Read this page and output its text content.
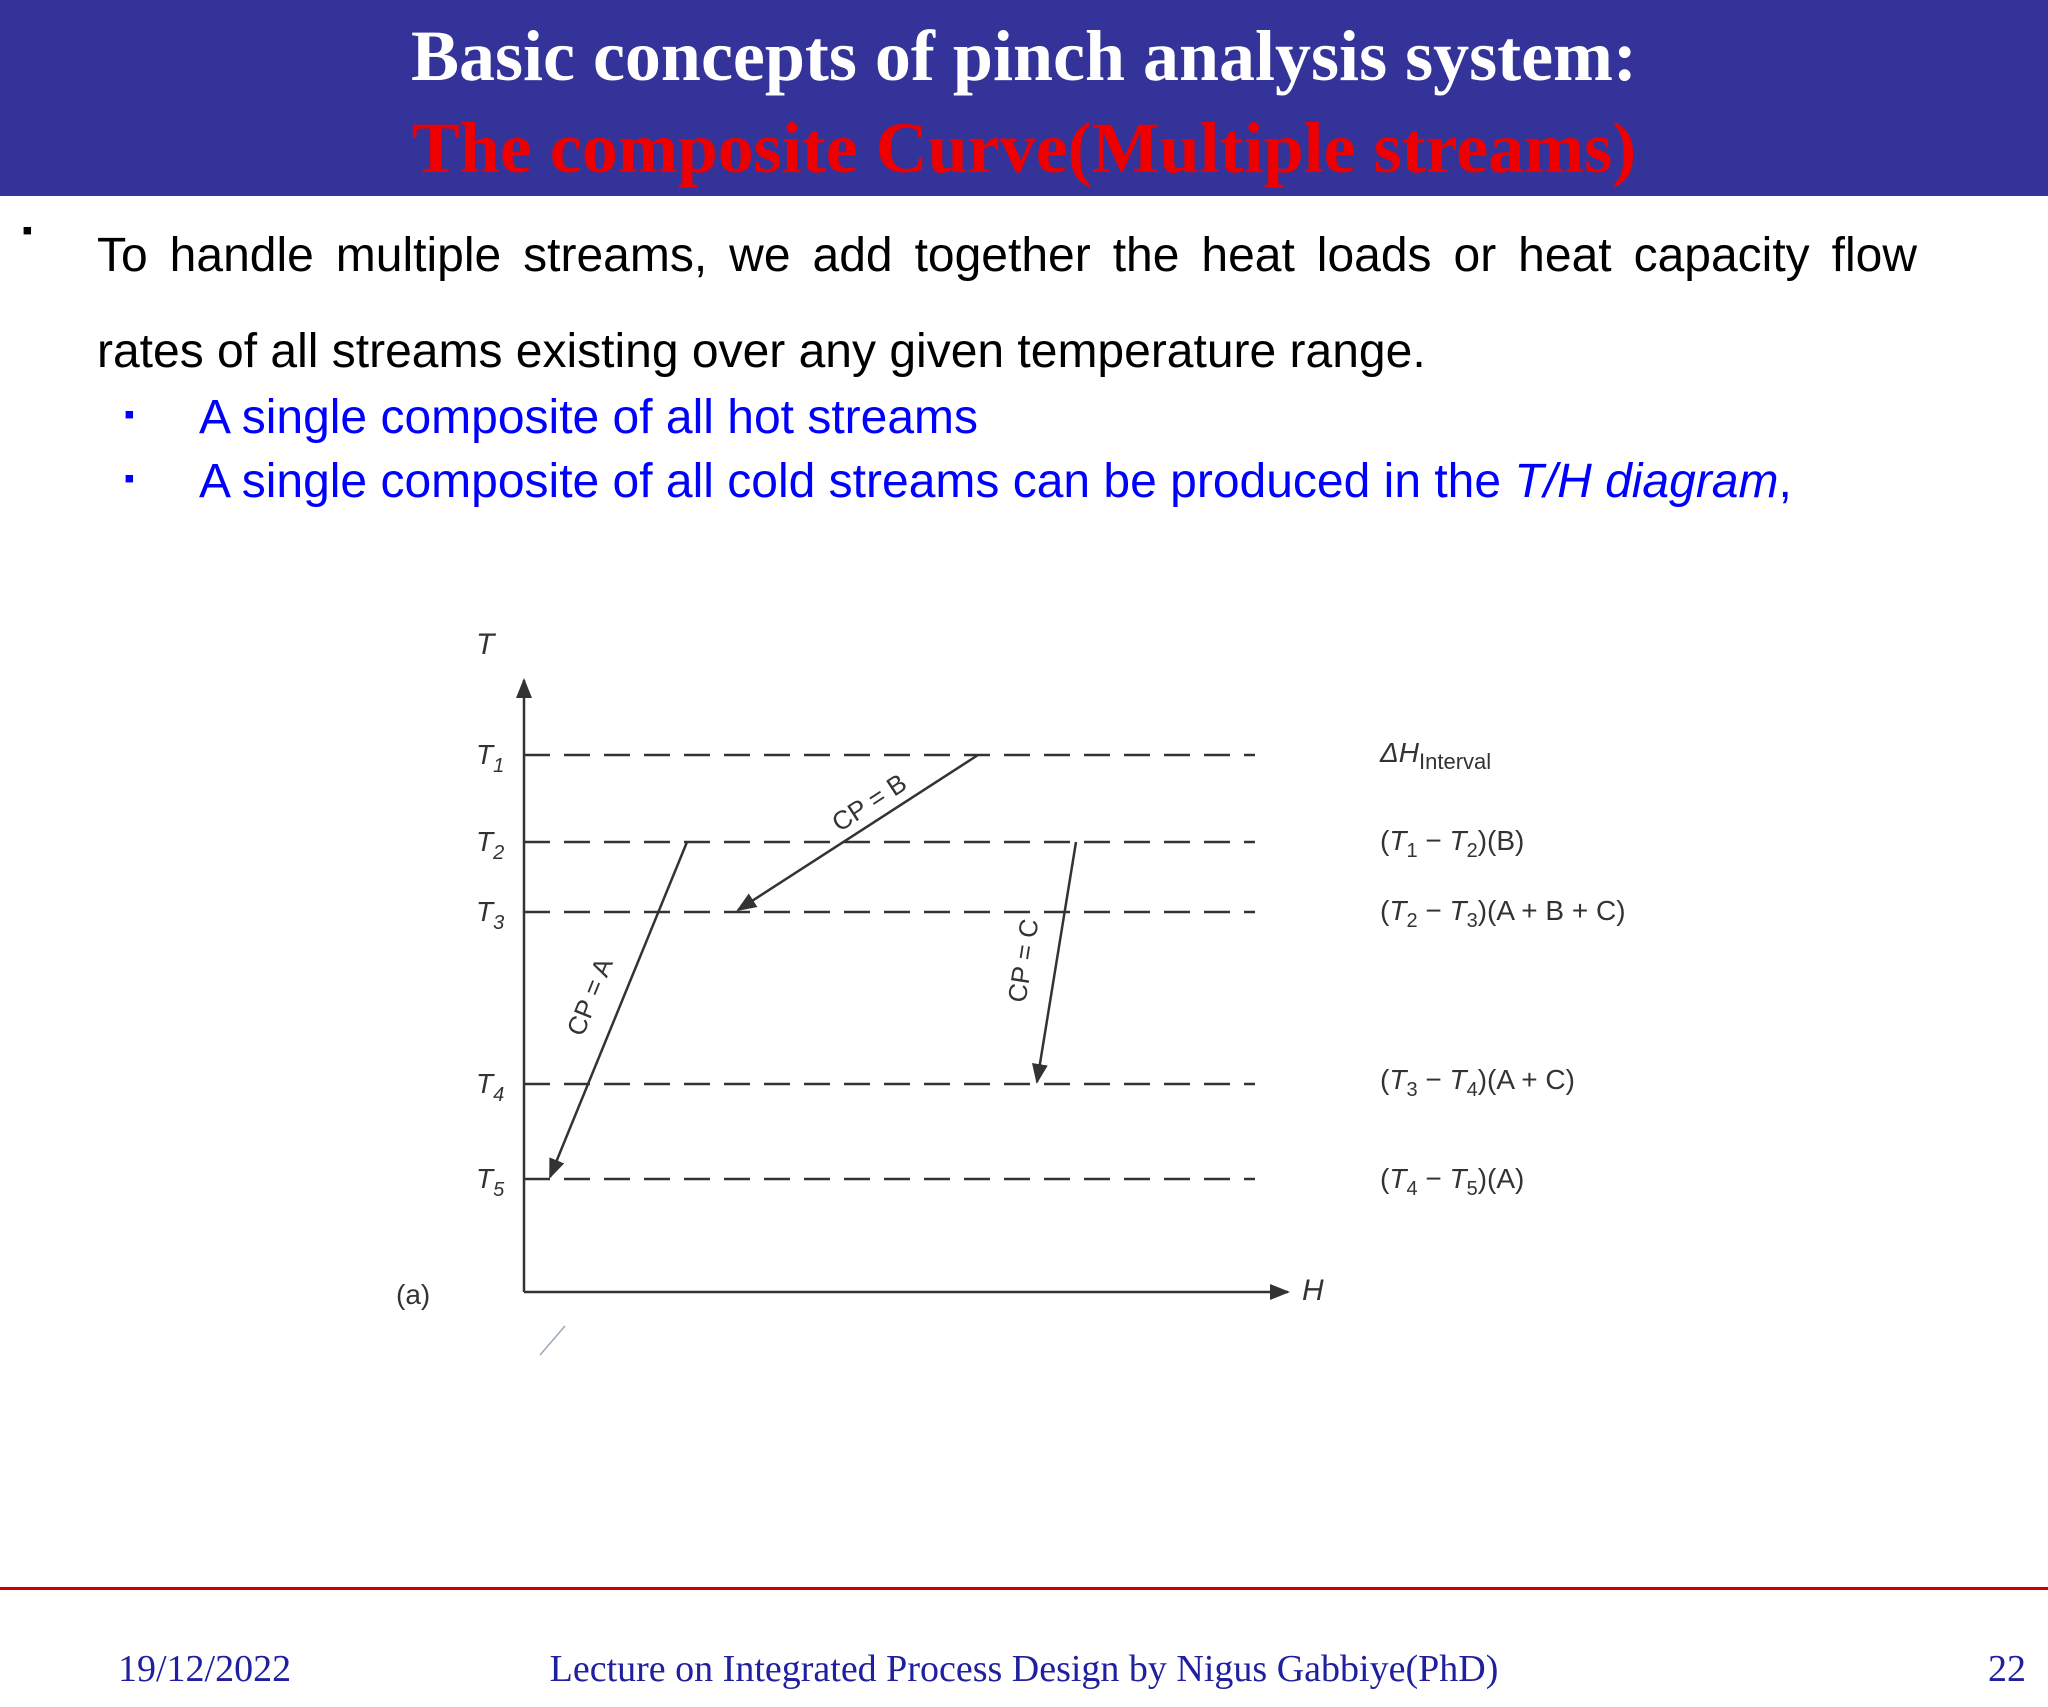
Basic concepts of pinch analysis system:
The composite Curve(Multiple streams)
▪ To handle multiple streams, we add together the heat loads or heat capacity flow rates of all streams existing over any given temperature range.
▪ A single composite of all hot streams
▪ A single composite of all cold streams can be produced in the T/H diagram,
T
H
(a)
$T_1$
$T_2$
$T_3$
$T_4$
$T_5$
CP = A
CP = B
CP = C
$\Delta H_{Interval}$
$(T_1 - T_2)(B)$
$(T_2 - T_3)(A + B + C)$
$(T_3 - T_4)(A + C)$
$(T_4 - T_5)(A)$
19/12/2022	Lecture on Integrated Process Design by Nigus Gabbiye(PhD)	22
